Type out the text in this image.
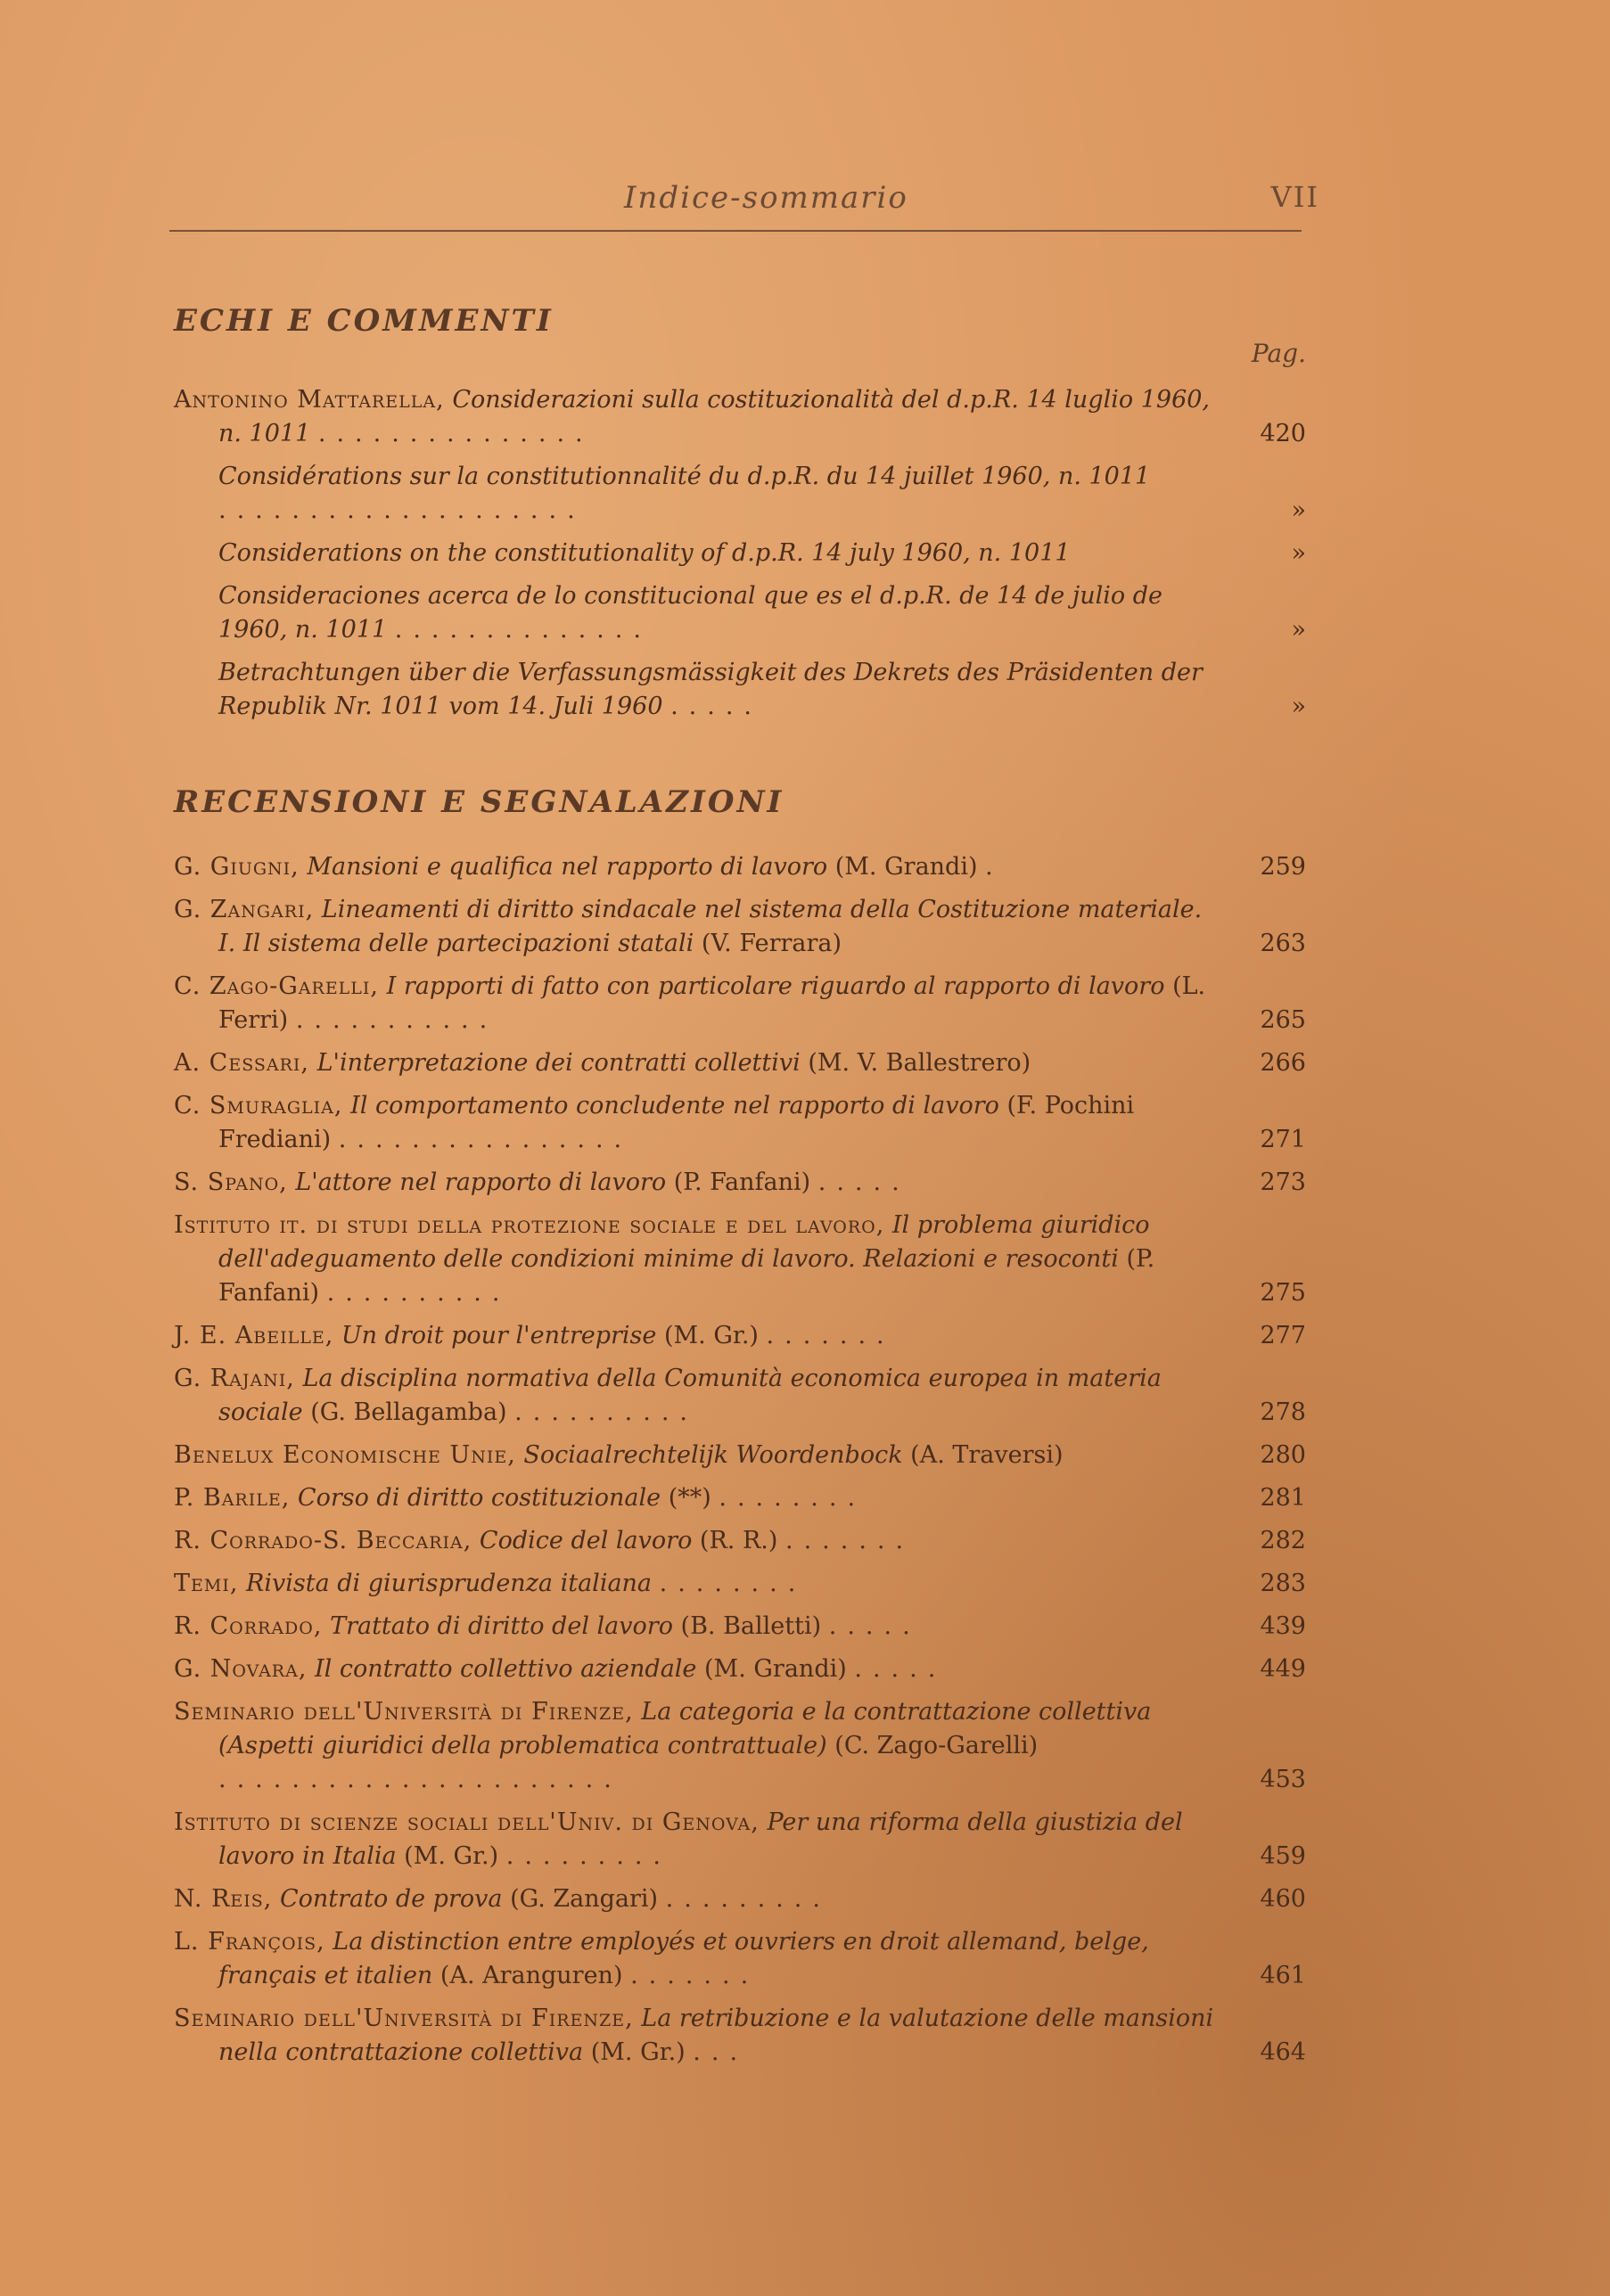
Indice-sommario	VII
ECHI E COMMENTI
Pag.
Antonino Mattarella, Considerazioni sulla costituzionalità del d.p.R. 14 luglio 1960, n. 1011 ...............	420
Considérations sur la constitutionnalité du d.p.R. du 14 juillet 1960, n. 1011 ....................	»
Considerations on the constitutionality of d.p.R. 14 july 1960, n. 1011	»
Consideraciones acerca de lo constitucional que es el d.p.R. de 14 de julio de 1960, n. 1011 ..............	»
Betrachtungen über die Verfassungsmässigkeit des Dekrets des Präsidenten der Republik Nr. 1011 vom 14. Juli 1960 .....	»
RECENSIONI E SEGNALAZIONI
G. Giugni, Mansioni e qualifica nel rapporto di lavoro (M. Grandi) .	259
G. Zangari, Lineamenti di diritto sindacale nel sistema della Costituzione materiale. I. Il sistema delle partecipazioni statali (V. Ferrara)	263
C. Zago-Garelli, I rapporti di fatto con particolare riguardo al rapporto di lavoro (L. Ferri) ...........	265
A. Cessari, L'interpretazione dei contratti collettivi (M. V. Ballestrero)	266
C. Smuraglia, Il comportamento concludente nel rapporto di lavoro (F. Pochini Frediani) ................	271
S. Spano, L'attore nel rapporto di lavoro (P. Fanfani) .....	273
Istituto it. di studi della protezione sociale e del lavoro, Il problema giuridico dell'adeguamento delle condizioni minime di lavoro. Relazioni e resoconti (P. Fanfani) ..........	275
J. E. Abeille, Un droit pour l'entreprise (M. Gr.) .......	277
G. Rajani, La disciplina normativa della Comunità economica europea in materia sociale (G. Bellagamba) ..........	278
Benelux Economische Unie, Sociaalrechtelijk Woordenbock (A. Traversi)	280
P. Barile, Corso di diritto costituzionale (**) ........	281
R. Corrado-S. Beccaria, Codice del lavoro (R. R.) .......	282
Temi, Rivista di giurisprudenza italiana ........	283
R. Corrado, Trattato di diritto del lavoro (B. Balletti) .....	439
G. Novara, Il contratto collettivo aziendale (M. Grandi) .....	449
Seminario dell'Università di Firenze, La categoria e la contrattazione collettiva (Aspetti giuridici della problematica contrattuale) (C. Zago-Garelli) ......................	453
Istituto di scienze sociali dell'Univ. di Genova, Per una riforma della giustizia del lavoro in Italia (M. Gr.) .........	459
N. Reis, Contrato de prova (G. Zangari) .........	460
L. François, La distinction entre employés et ouvriers en droit allemand, belge, français et italien (A. Aranguren) .......	461
Seminario dell'Università di Firenze, La retribuzione e la valutazione delle mansioni nella contrattazione collettiva (M. Gr.) ...	464
